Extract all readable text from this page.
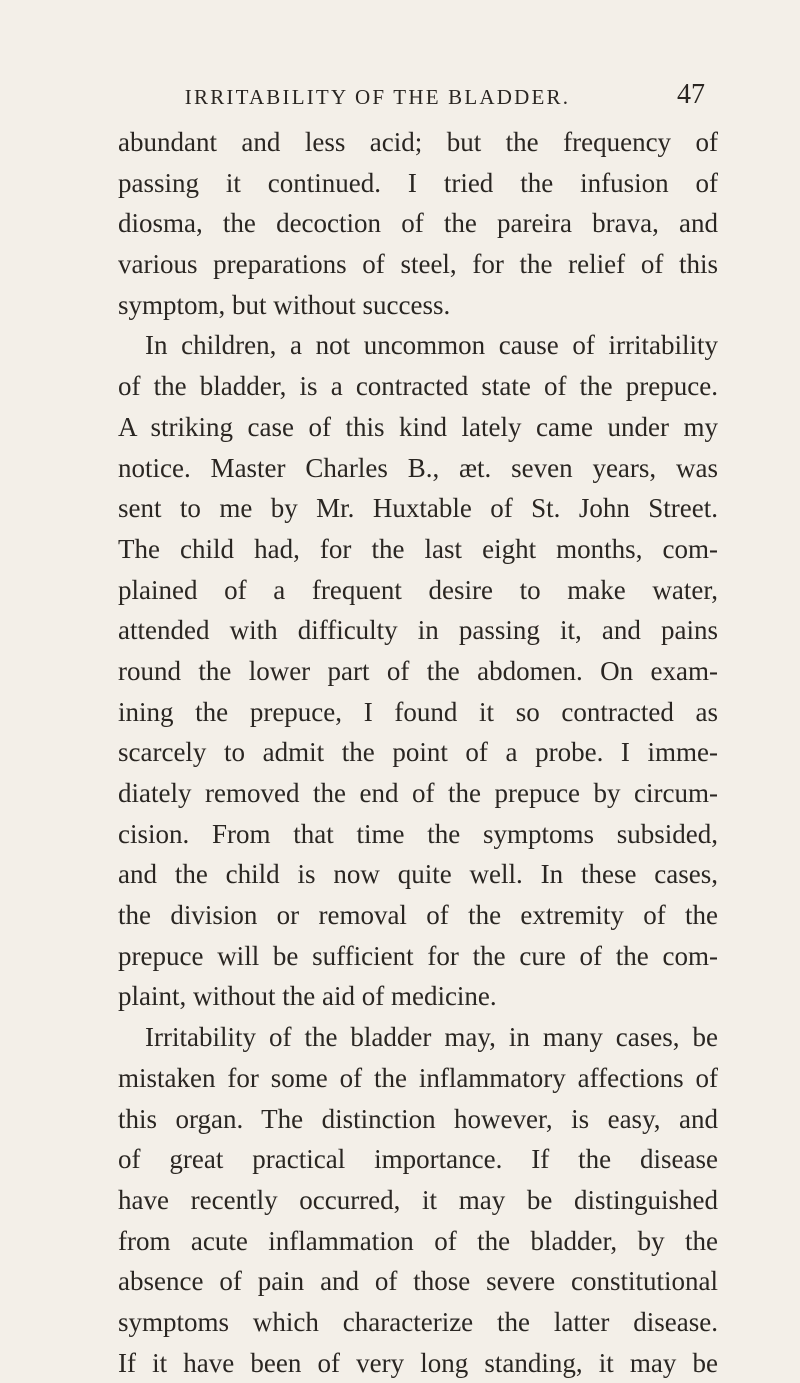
IRRITABILITY OF THE BLADDER.	47
abundant and less acid; but the frequency of
passing it continued. I tried the infusion of
diosma, the decoction of the pareira brava, and
various preparations of steel, for the relief of this
symptom, but without success.
In children, a not uncommon cause of irritability
of the bladder, is a contracted state of the prepuce.
A striking case of this kind lately came under my
notice. Master Charles B., æt. seven years, was
sent to me by Mr. Huxtable of St. John Street.
The child had, for the last eight months, com-
plained of a frequent desire to make water,
attended with difficulty in passing it, and pains
round the lower part of the abdomen. On exam-
ining the prepuce, I found it so contracted as
scarcely to admit the point of a probe. I imme-
diately removed the end of the prepuce by circum-
cision. From that time the symptoms subsided,
and the child is now quite well. In these cases,
the division or removal of the extremity of the
prepuce will be sufficient for the cure of the com-
plaint, without the aid of medicine.
Irritability of the bladder may, in many cases, be
mistaken for some of the inflammatory affections of
this organ. The distinction however, is easy, and
of great practical importance. If the disease
have recently occurred, it may be distinguished
from acute inflammation of the bladder, by the
absence of pain and of those severe constitutional
symptoms which characterize the latter disease.
If it have been of very long standing, it may be
